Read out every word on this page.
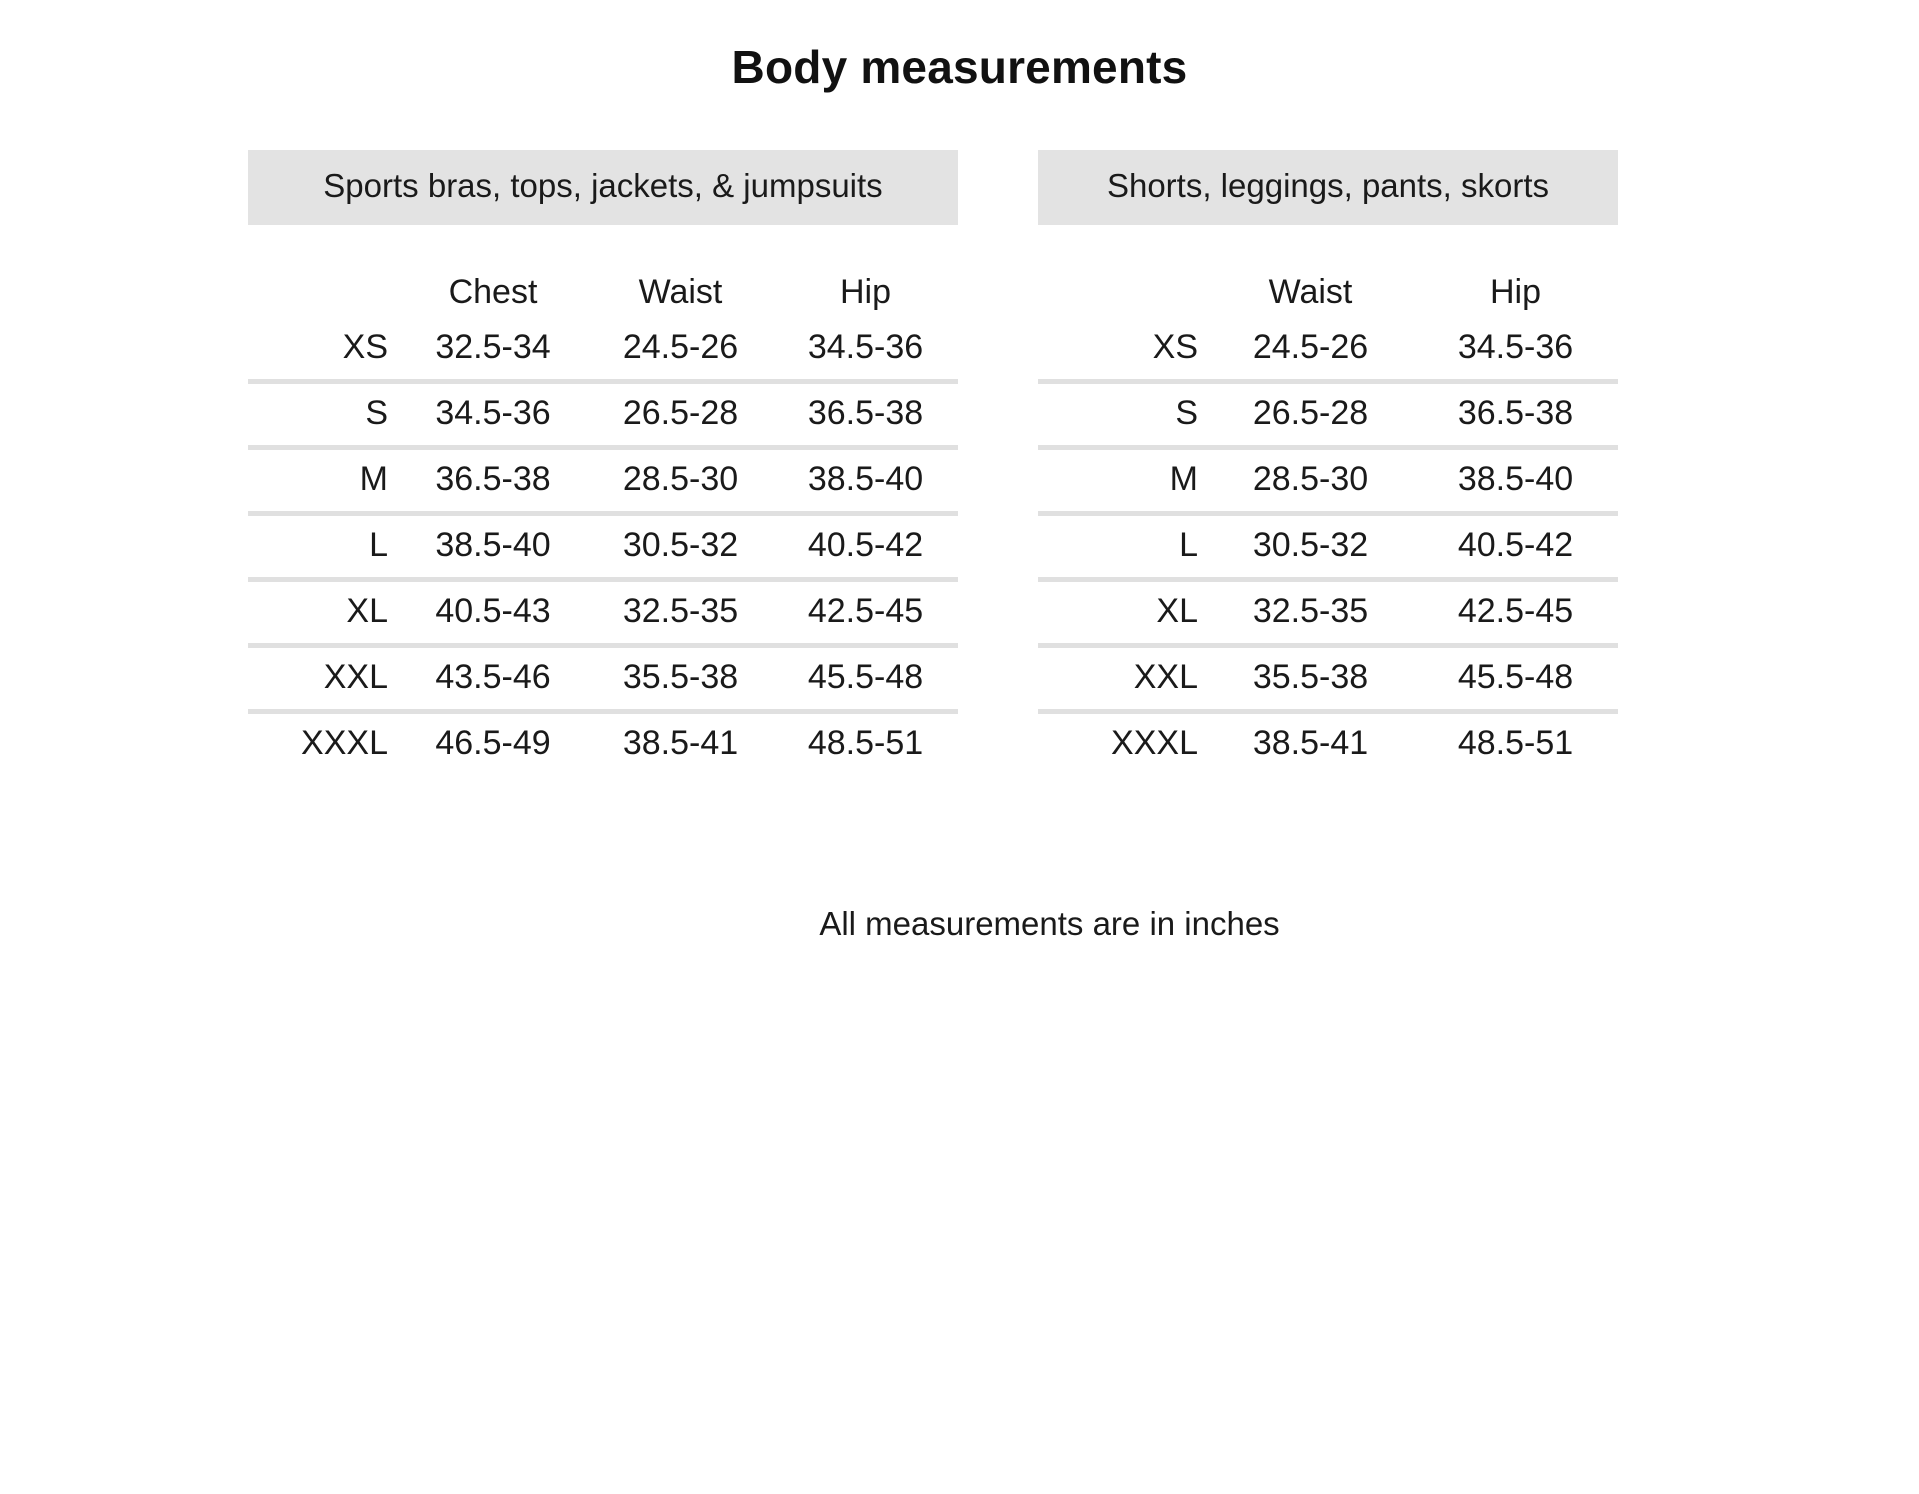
Body measurements
Sports bras, tops, jackets, & jumpsuits
	Chest	Waist	Hip
XS	32.5-34	24.5-26	34.5-36
S	34.5-36	26.5-28	36.5-38
M	36.5-38	28.5-30	38.5-40
L	38.5-40	30.5-32	40.5-42
XL	40.5-43	32.5-35	42.5-45
XXL	43.5-46	35.5-38	45.5-48
XXXL	46.5-49	38.5-41	48.5-51
Shorts, leggings, pants, skorts
	Waist	Hip
XS	24.5-26	34.5-36
S	26.5-28	36.5-38
M	28.5-30	38.5-40
L	30.5-32	40.5-42
XL	32.5-35	42.5-45
XXL	35.5-38	45.5-48
XXXL	38.5-41	48.5-51
All measurements are in inches
